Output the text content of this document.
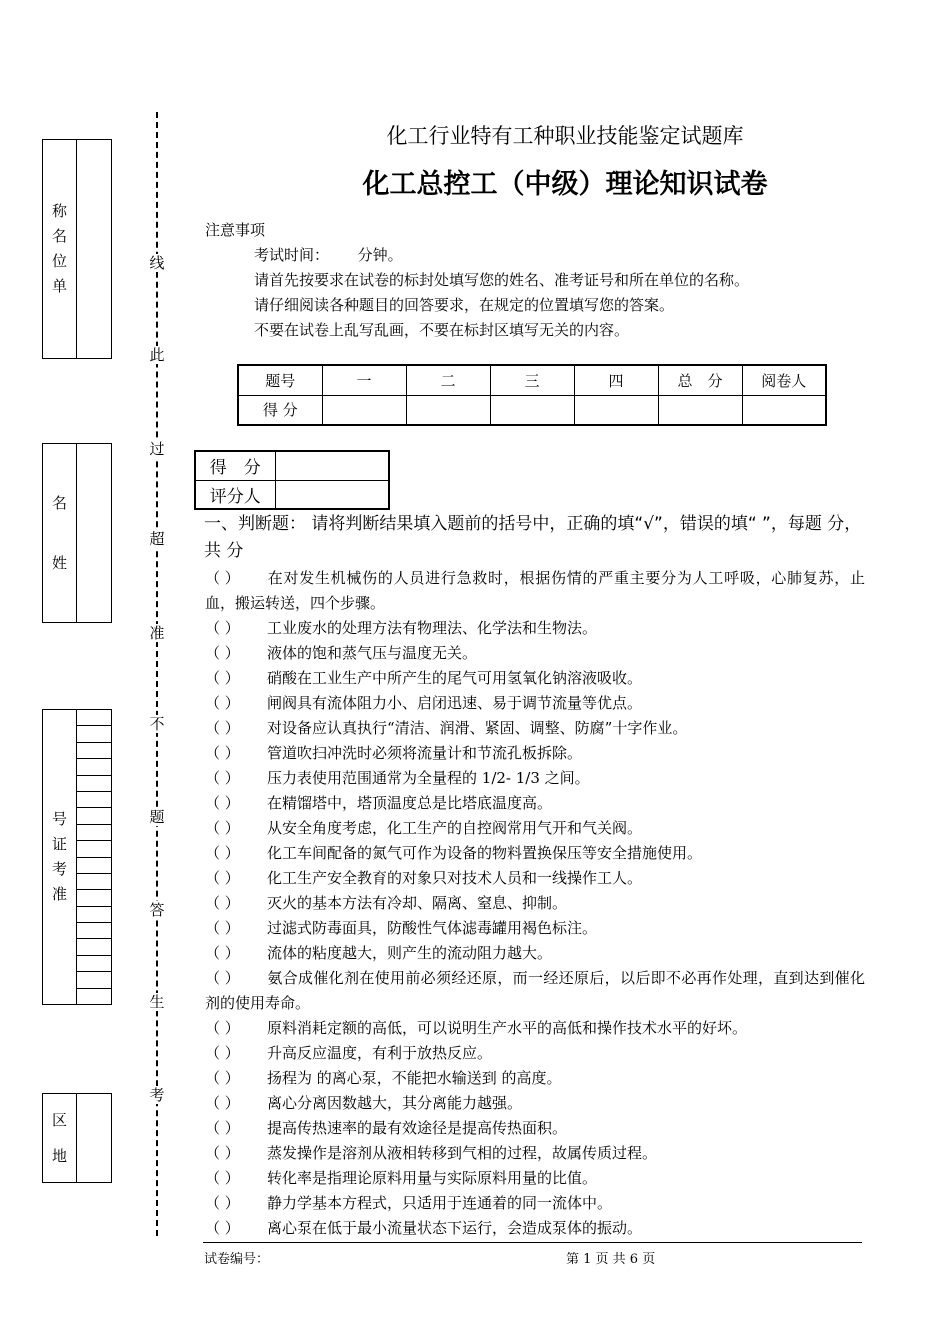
称
名
位
单
名
姓
号
证
考
准
区
地
线
此
过
超
准
不
题
答
生
考
化工行业特有工种职业技能鉴定试题库
化工总控工（中级）理论知识试卷
注意事项
考试时间：      分钟。
请首先按要求在试卷的标封处填写您的姓名、准考证号和所在单位的名称。
请仔细阅读各种题目的回答要求，在规定的位置填写您的答案。
不要在试卷上乱写乱画，不要在标封区填写无关的内容。
题号	一	二	三	四	总　分	阅卷人
得 分						
得　分	
评分人	
一、判断题： 请将判断结果填入题前的括号中，正确的填“√”，错误的填“ ”，每题 分，共 分
（ ） 在对发生机械伤的人员进行急救时，根据伤情的严重主要分为人工呼吸，心肺复苏，止血，搬运转送，四个步骤。
（ ） 工业废水的处理方法有物理法、化学法和生物法。
（ ） 液体的饱和蒸气压与温度无关。
（ ） 硝酸在工业生产中所产生的尾气可用氢氧化钠溶液吸收。
（ ） 闸阀具有流体阻力小、启闭迅速、易于调节流量等优点。
（ ） 对设备应认真执行“清洁、润滑、紧固、调整、防腐”十字作业。
（ ） 管道吹扫冲洗时必须将流量计和节流孔板拆除。
（ ） 压力表使用范围通常为全量程的 1/2- 1/3 之间。
（ ） 在精馏塔中，塔顶温度总是比塔底温度高。
（ ） 从安全角度考虑，化工生产的自控阀常用气开和气关阀。
（ ） 化工车间配备的氮气可作为设备的物料置换保压等安全措施使用。
（ ） 化工生产安全教育的对象只对技术人员和一线操作工人。
（ ） 灭火的基本方法有冷却、隔离、窒息、抑制。
（ ） 过滤式防毒面具，防酸性气体滤毒罐用褐色标注。
（ ） 流体的粘度越大，则产生的流动阻力越大。
（ ） 氨合成催化剂在使用前必须经还原，而一经还原后，以后即不必再作处理，直到达到催化剂的使用寿命。
（ ） 原料消耗定额的高低，可以说明生产水平的高低和操作技术水平的好坏。
（ ） 升高反应温度，有利于放热反应。
（ ） 扬程为 的离心泵，不能把水输送到 的高度。
（ ） 离心分离因数越大，其分离能力越强。
（ ） 提高传热速率的最有效途径是提高传热面积。
（ ） 蒸发操作是溶剂从液相转移到气相的过程，故属传质过程。
（ ） 转化率是指理论原料用量与实际原料用量的比值。
（ ） 静力学基本方程式，只适用于连通着的同一流体中。
（ ） 离心泵在低于最小流量状态下运行，会造成泵体的振动。
试卷编号：	第 1 页 共 6 页
